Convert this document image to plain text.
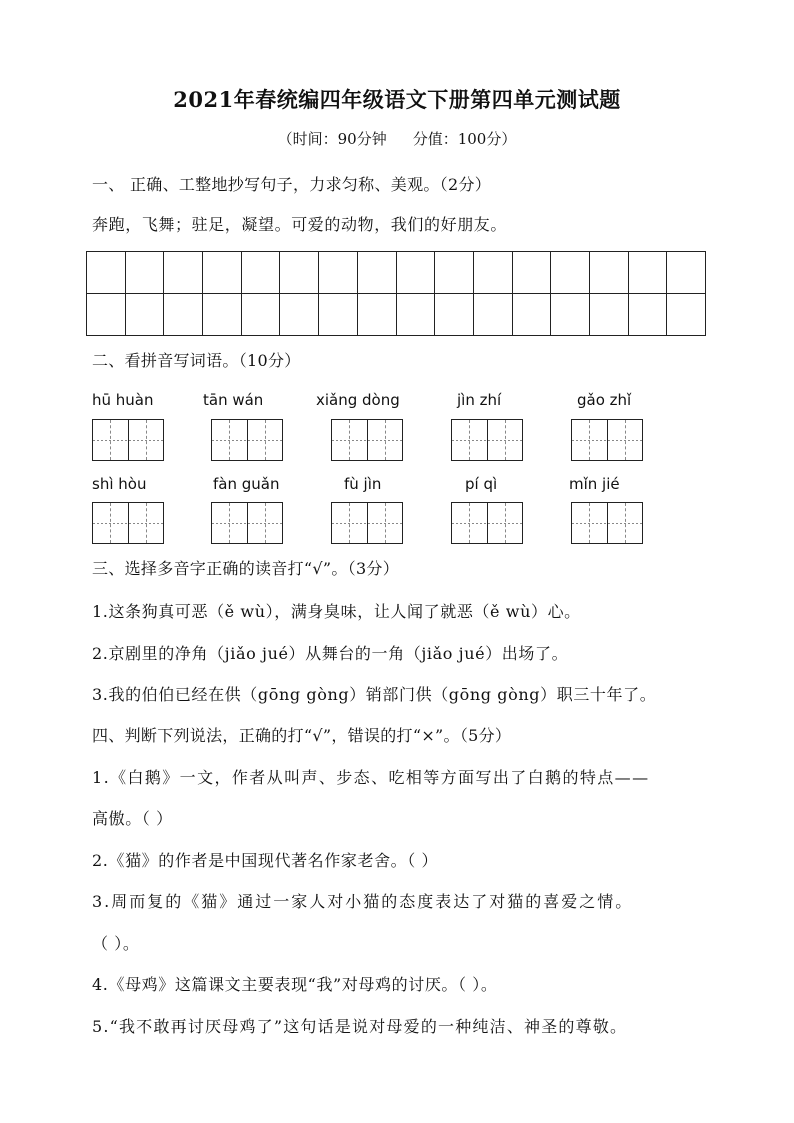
2021年春统编四年级语文下册第四单元测试题
（时间：90分钟 分值：100分）
一、 正确、工整地抄写句子，力求匀称、美观。（2分）
奔跑，飞舞；驻足，凝望。可爱的动物，我们的好朋友。

二、看拼音写词语。（10分）
hū huàn	tān wán	xiǎng dòng	jìn zhí	gǎo zhǐ
shì hòu	fàn guǎn	fù jìn	pí qì	mǐn jié
三、选择多音字正确的读音打“√”。（3分）
1.这条狗真可恶（ě wù），满身臭味，让人闻了就恶（ě wù）心。
2.京剧里的净角（jiǎo jué）从舞台的一角（jiǎo jué）出场了。
3.我的伯伯已经在供（gōng gòng）销部门供（gōng gòng）职三十年了。
四、判断下列说法，正确的打“√”，错误的打“×”。（5分）
1.《白鹅》一文，作者从叫声、步态、吃相等方面写出了白鹅的特点——
高傲。（ ）
2.《猫》的作者是中国现代著名作家老舍。（ ）
3.周而复的《猫》通过一家人对小猫的态度表达了对猫的喜爱之情。
（ ）。
4.《母鸡》这篇课文主要表现“我”对母鸡的讨厌。（ ）。
5.“我不敢再讨厌母鸡了”这句话是说对母爱的一种纯洁、神圣的尊敬。
